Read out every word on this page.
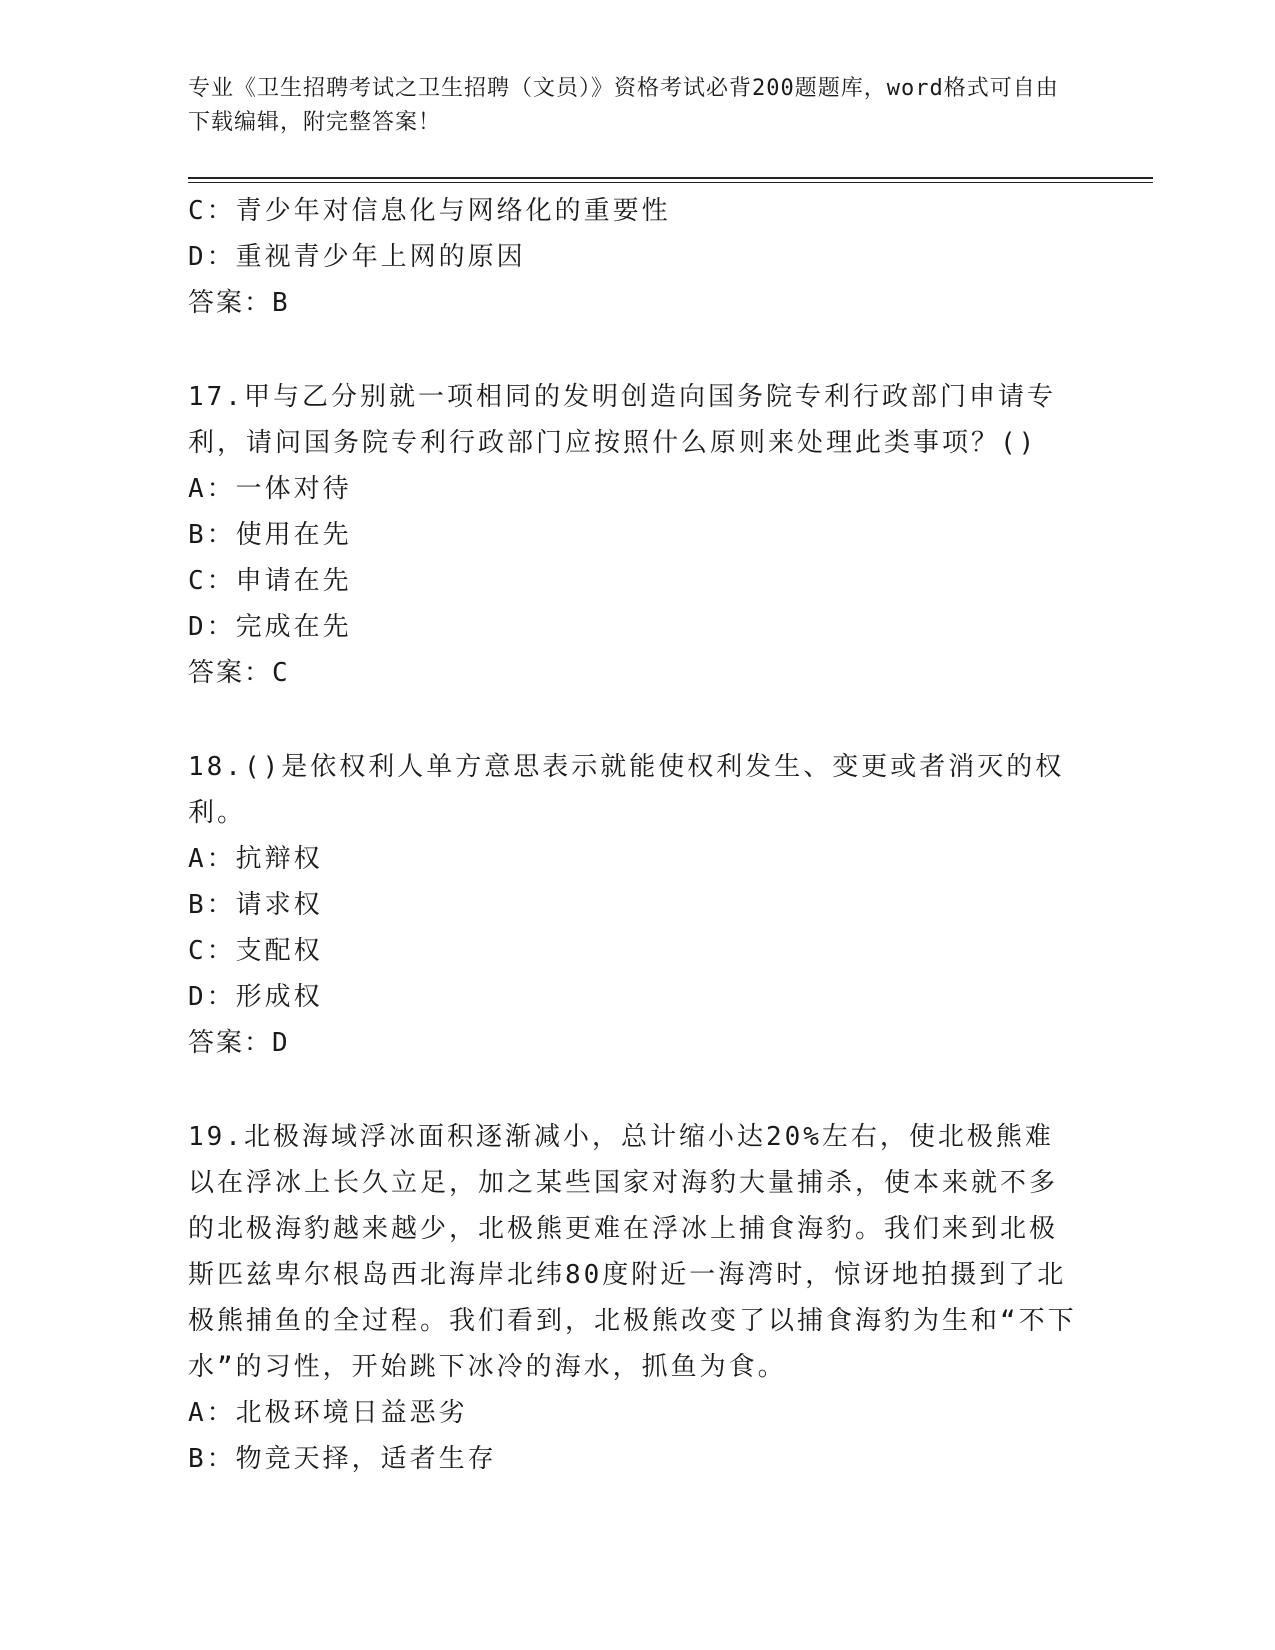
专业《卫生招聘考试之卫生招聘（文员）》资格考试必背200题题库，word格式可自由下载编辑，附完整答案！
C：青少年对信息化与网络化的重要性
D：重视青少年上网的原因
答案：B
17.甲与乙分别就一项相同的发明创造向国务院专利行政部门申请专利，请问国务院专利行政部门应按照什么原则来处理此类事项？()
A：一体对待
B：使用在先
C：申请在先
D：完成在先
答案：C
18.()是依权利人单方意思表示就能使权利发生、变更或者消灭的权利。
A：抗辩权
B：请求权
C：支配权
D：形成权
答案：D
19.北极海域浮冰面积逐渐减小，总计缩小达20%左右，使北极熊难以在浮冰上长久立足，加之某些国家对海豹大量捕杀，使本来就不多的北极海豹越来越少，北极熊更难在浮冰上捕食海豹。我们来到北极斯匹兹卑尔根岛西北海岸北纬80度附近一海湾时，惊讶地拍摄到了北极熊捕鱼的全过程。我们看到，北极熊改变了以捕食海豹为生和“不下水”的习性，开始跳下冰冷的海水，抓鱼为食。
A：北极环境日益恶劣
B：物竞天择，适者生存
